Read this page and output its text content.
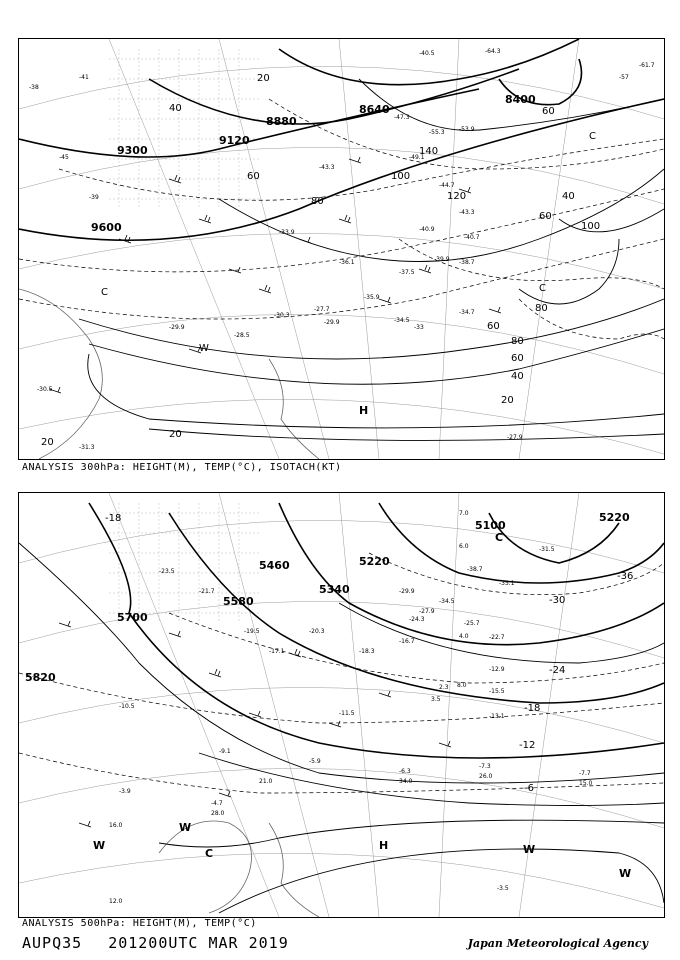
9300
9120
8880
8640
8400
9600
20
40
60
80
100
120
140
60
40
60
100
80
60
80
60
40
20
20
20
C
C
C
W
H
-45
-39
-41
-43.3
-47.3
-55.3 -53.9
-49.1
-44.7
-43.3
-40.9
-40.7
-38.7
-39.9
-37.5
-36.1
-35.9
-34.7
-34.5
-33
-29.9
-28.5
-27.7
-30.3
-29.9
-33.9
-27.9
-30.5
-31.3
-57
-61.7
-64.3
-40.5
-38
ANALYSIS 300hPa: HEIGHT(M), TEMP(°C), ISOTACH(KT)
5700
5820
5460
5580
5340
5220
5100
5220
-18
-36
-30
-24
-18
-12
-6
C
C
W
W	W
W
H
-23.5
-21.7
-19.5
-17.1
-15.5
-13.1
-12.9
-11.5
-10.5
-9.1
-7.7
-7.3
-6.3
-5.9
-4.7
-3.9
-3.5
-38.7
-35.1
-34.5
-31.5
-29.9
-27.9
-25.7
-24.3
-22.7
-20.3
-18.3
-16.7
34.0
28.0
26.0
21.0
16.0
15.0
12.0
8.0
7.0
6.0
4.0
3.5
2.3
ANALYSIS 500hPa: HEIGHT(M), TEMP(°C)
AUPQ35 201200UTC MAR 2019	Japan Meteorological Agency
